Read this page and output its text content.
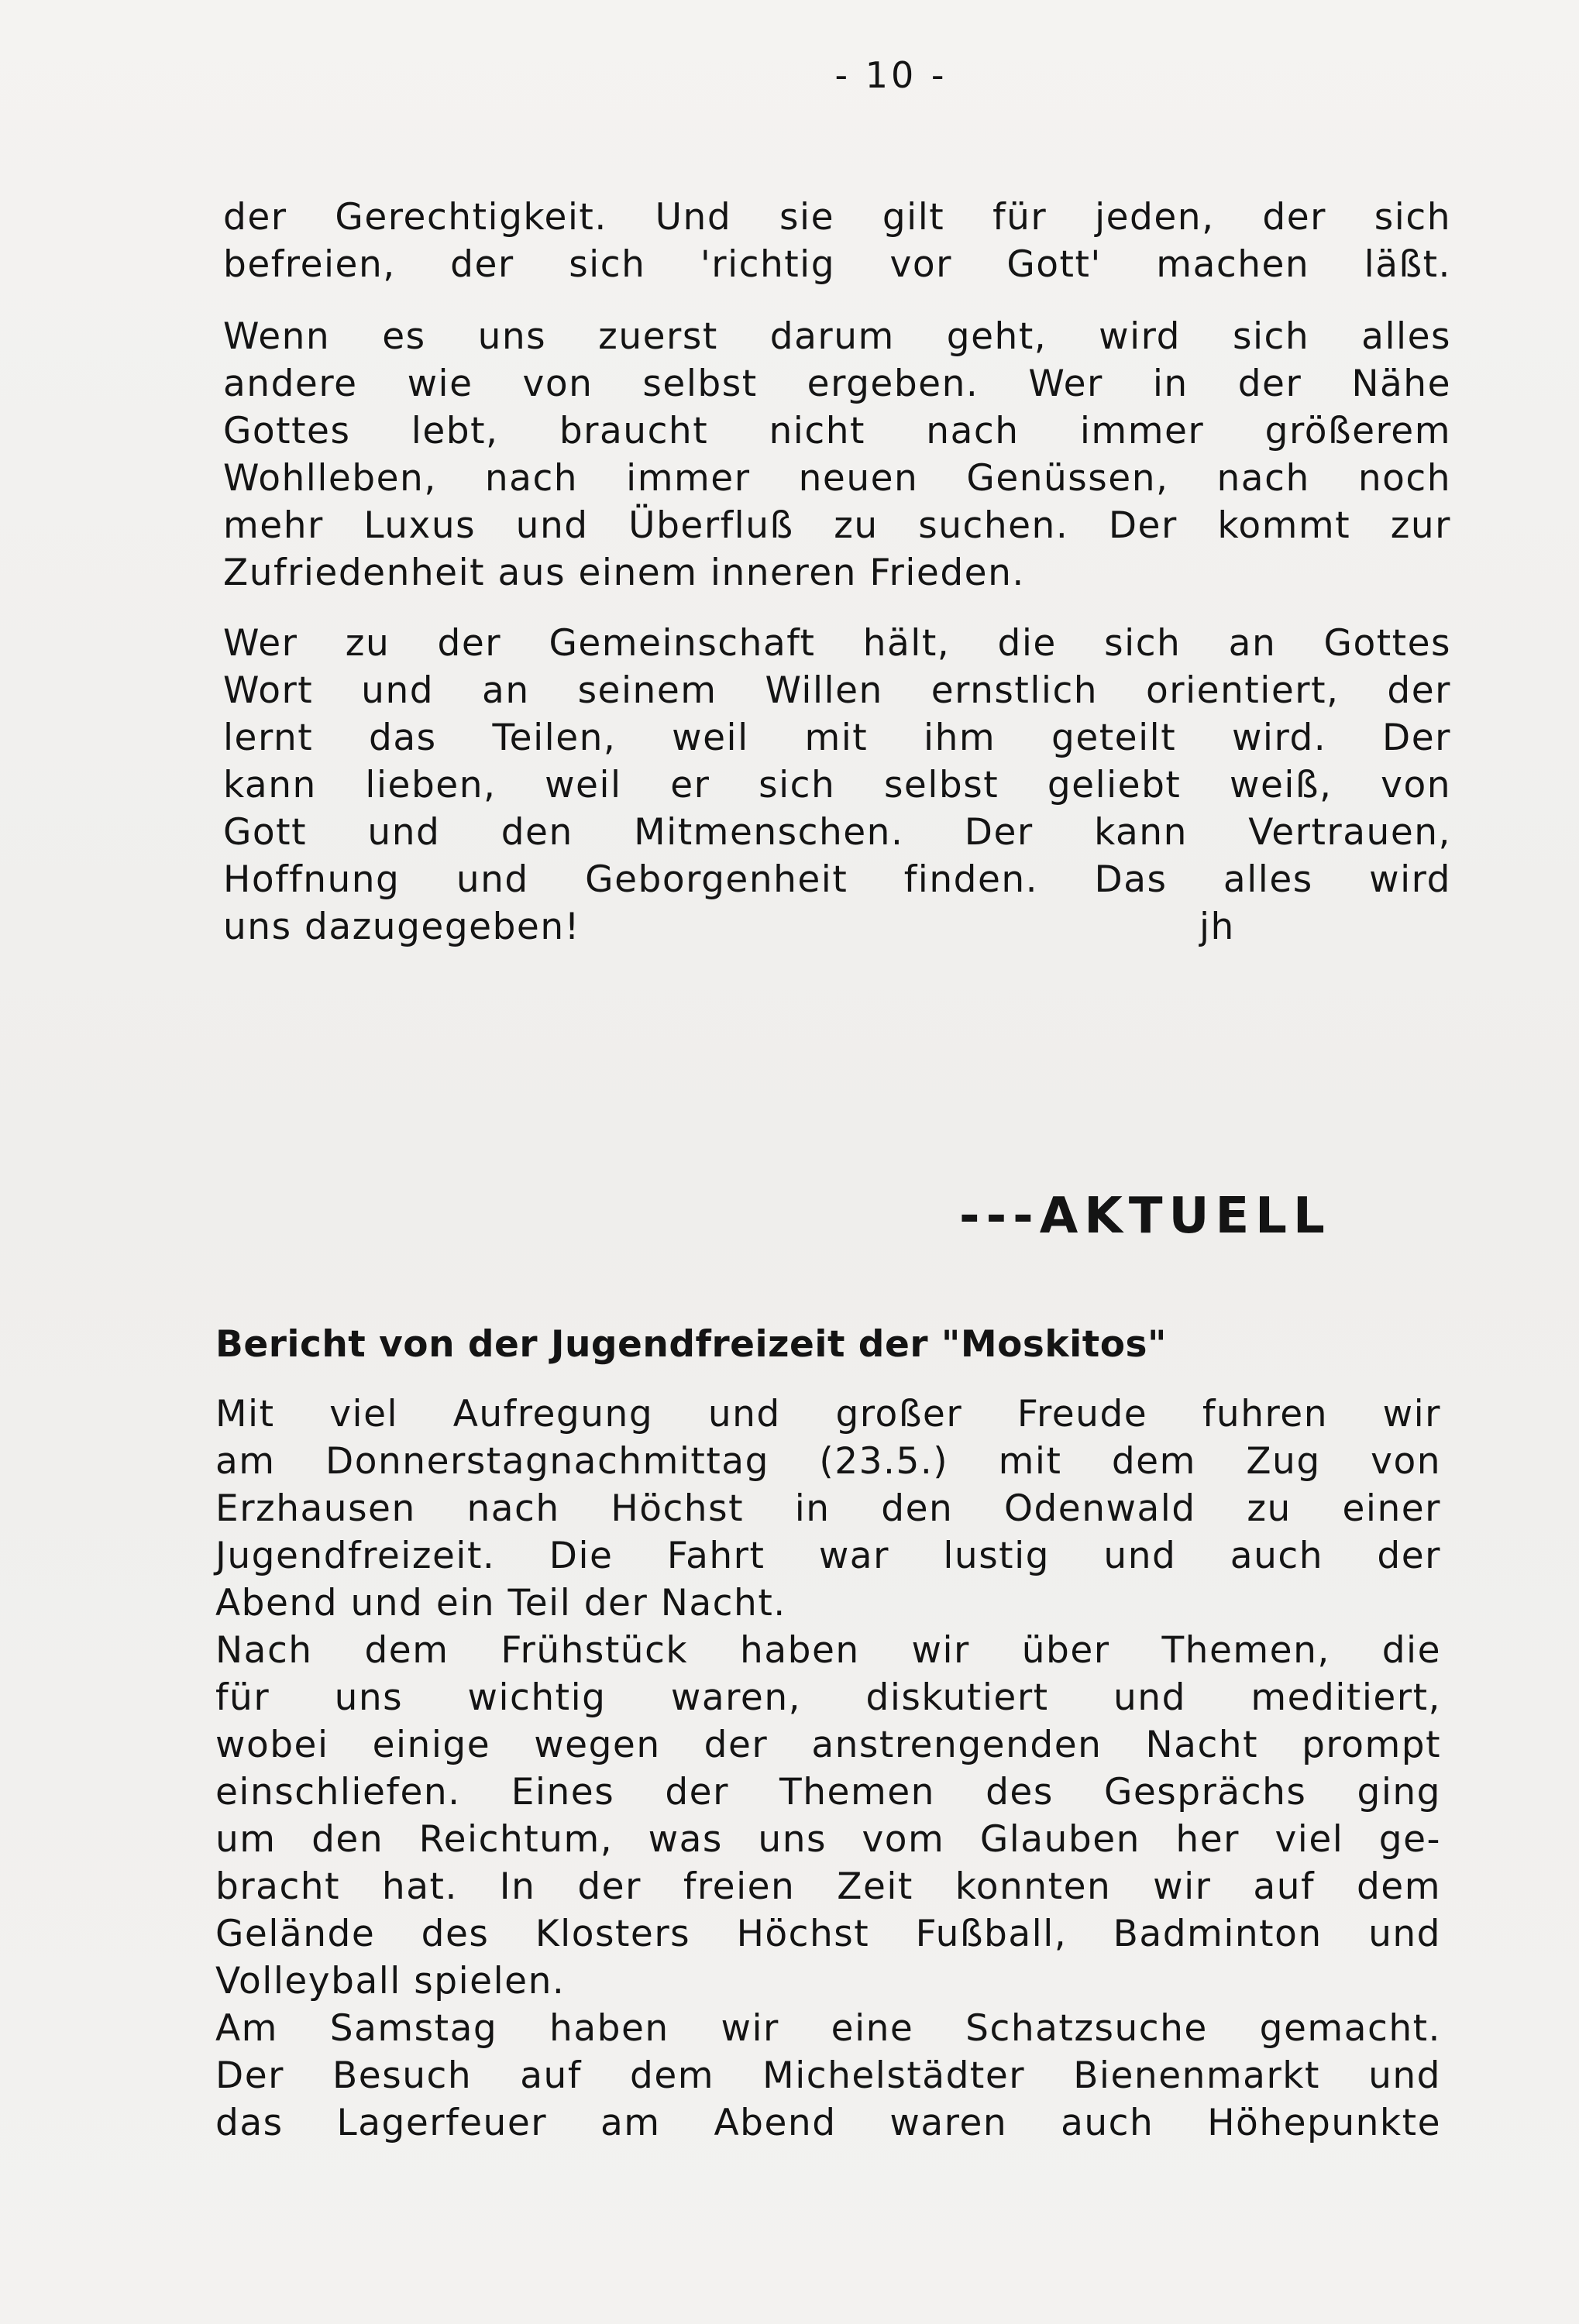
- 10 -
der Gerechtigkeit. Und sie gilt für jeden, der sich
befreien, der sich 'richtig vor Gott' machen läßt.
Wenn es uns zuerst darum geht, wird sich alles
andere wie von selbst ergeben. Wer in der Nähe
Gottes lebt, braucht nicht nach immer größerem
Wohlleben, nach immer neuen Genüssen, nach noch
mehr Luxus und Überfluß zu suchen. Der kommt zur
Zufriedenheit aus einem inneren Frieden.
Wer zu der Gemeinschaft hält, die sich an Gottes
Wort und an seinem Willen ernstlich orientiert, der
lernt das Teilen, weil mit ihm geteilt wird. Der
kann lieben, weil er sich selbst geliebt weiß, von
Gott und den Mitmenschen. Der kann Vertrauen,
Hoffnung und Geborgenheit finden. Das alles wird
uns dazugegeben!	jh
---AKTUELL
Bericht von der Jugendfreizeit der "Moskitos"
Mit viel Aufregung und großer Freude fuhren wir
am Donnerstagnachmittag (23.5.) mit dem Zug von
Erzhausen nach Höchst in den Odenwald zu einer
Jugendfreizeit. Die Fahrt war lustig und auch der
Abend und ein Teil der Nacht.
Nach dem Frühstück haben wir über Themen, die
für uns wichtig waren, diskutiert und meditiert,
wobei einige wegen der anstrengenden Nacht prompt
einschliefen. Eines der Themen des Gesprächs ging
um den Reichtum, was uns vom Glauben her viel ge-
bracht hat. In der freien Zeit konnten wir auf dem
Gelände des Klosters Höchst Fußball, Badminton und
Volleyball spielen.
Am Samstag haben wir eine Schatzsuche gemacht.
Der Besuch auf dem Michelstädter Bienenmarkt und
das Lagerfeuer am Abend waren auch Höhepunkte
